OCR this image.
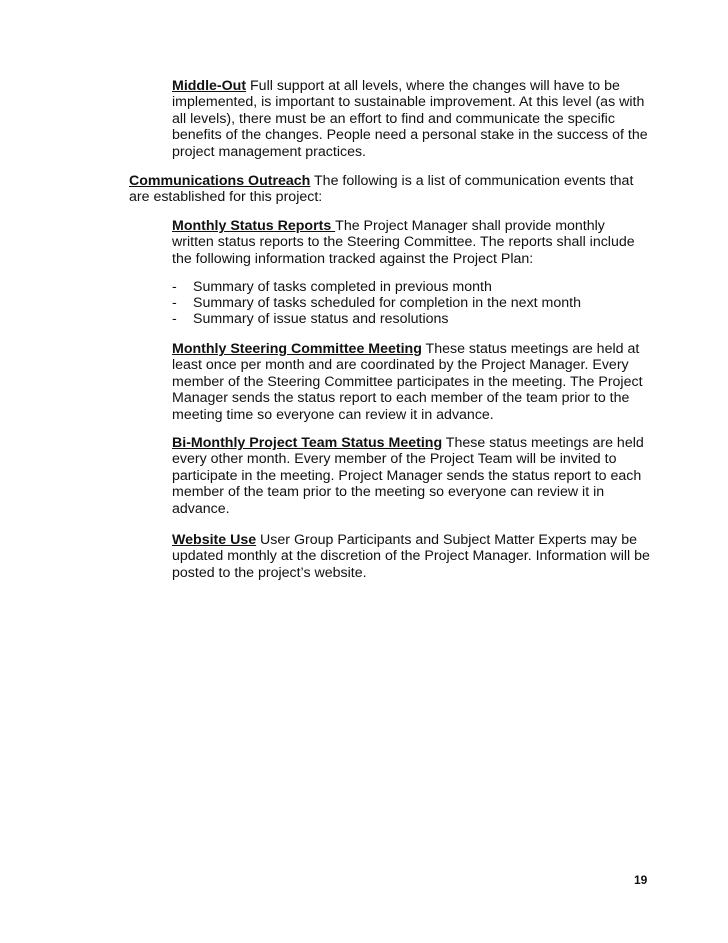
Middle-Out Full support at all levels, where the changes will have to be implemented, is important to sustainable improvement. At this level (as with all levels), there must be an effort to find and communicate the specific benefits of the changes. People need a personal stake in the success of the project management practices.
Communications Outreach The following is a list of communication events that are established for this project:
Monthly Status Reports The Project Manager shall provide monthly written status reports to the Steering Committee. The reports shall include the following information tracked against the Project Plan:
- Summary of tasks completed in previous month
- Summary of tasks scheduled for completion in the next month
- Summary of issue status and resolutions
Monthly Steering Committee Meeting These status meetings are held at least once per month and are coordinated by the Project Manager. Every member of the Steering Committee participates in the meeting. The Project Manager sends the status report to each member of the team prior to the meeting time so everyone can review it in advance.
Bi-Monthly Project Team Status Meeting These status meetings are held every other month. Every member of the Project Team will be invited to participate in the meeting. Project Manager sends the status report to each member of the team prior to the meeting so everyone can review it in advance.
Website Use User Group Participants and Subject Matter Experts may be updated monthly at the discretion of the Project Manager. Information will be posted to the project’s website.
19
